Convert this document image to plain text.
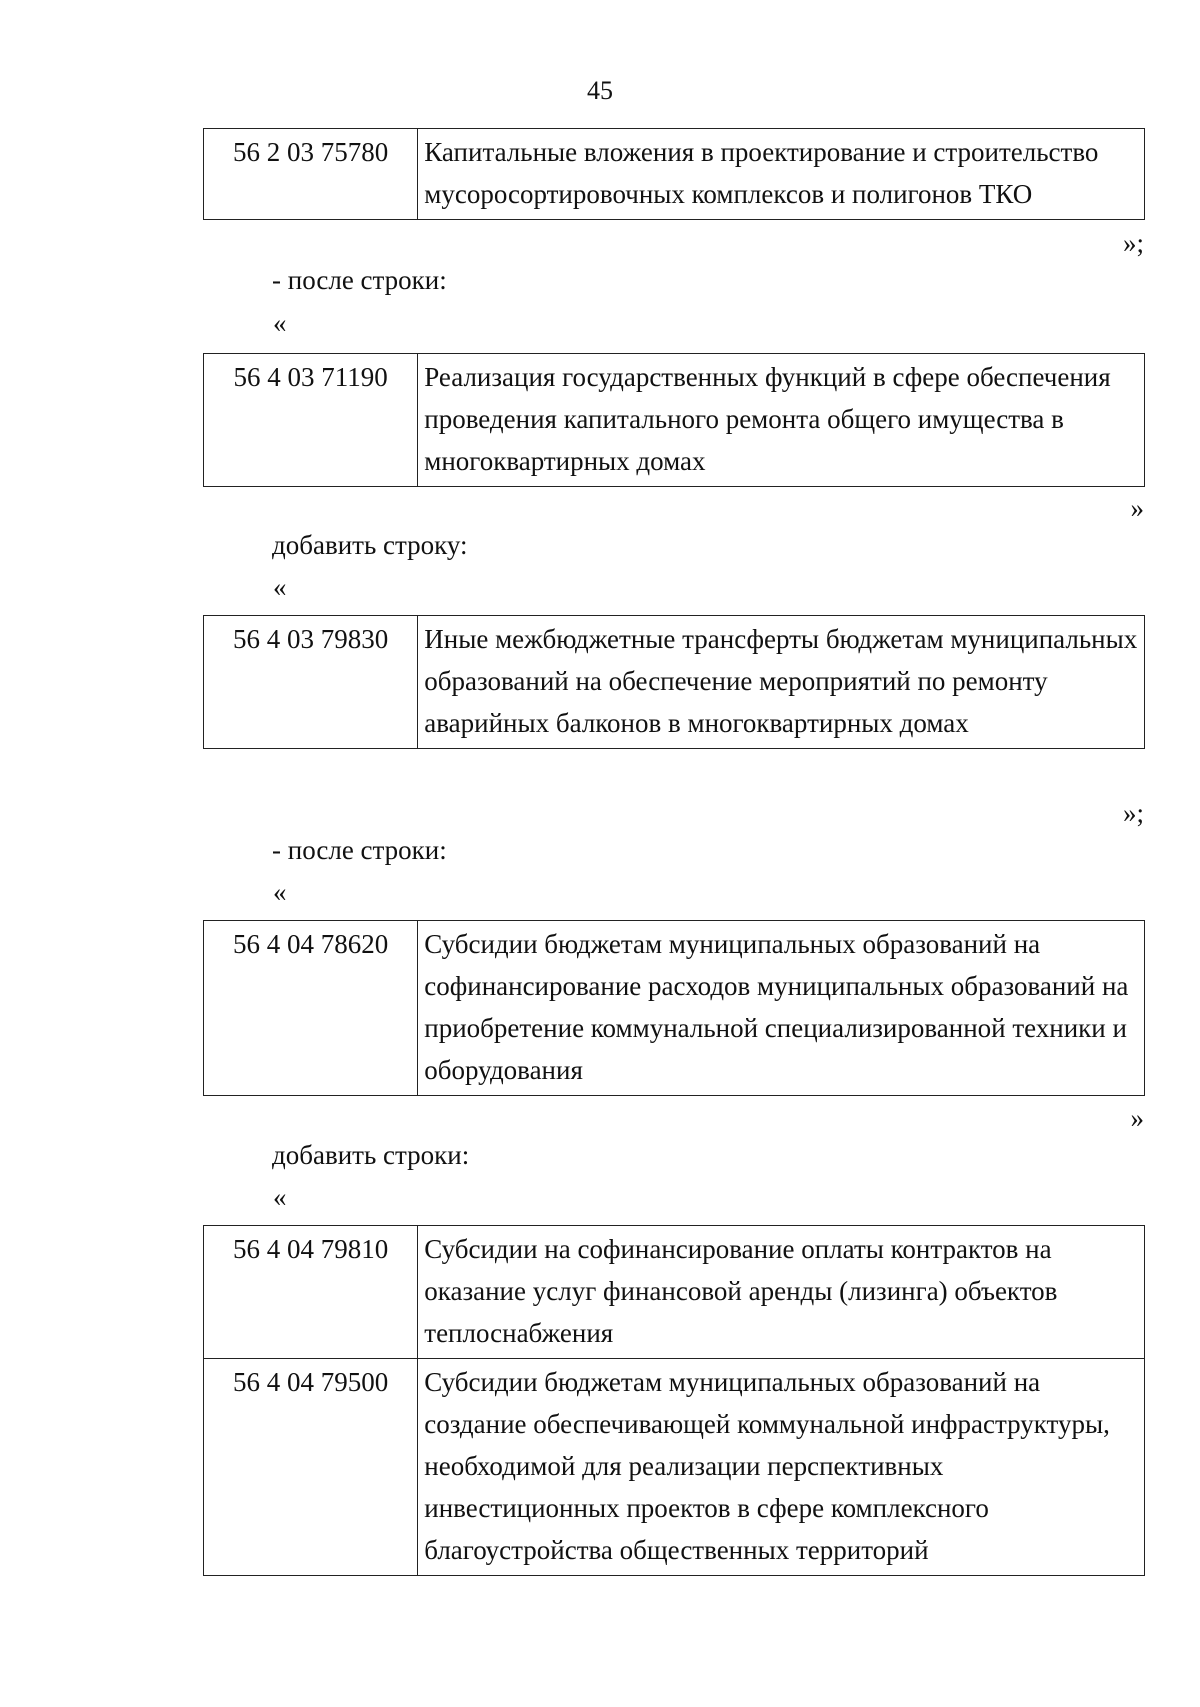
45
56 2 03 75780	Капитальные вложения в проектирование и строительство мусоросортировочных комплексов и полигонов ТКО
»;
- после строки:
«
56 4 03 71190	Реализация государственных функций в сфере обеспечения проведения капитального ремонта общего имущества в многоквартирных домах
»
добавить строку:
«
56 4 03 79830	Иные межбюджетные трансферты бюджетам муниципальных образований на обеспечение мероприятий по ремонту аварийных балконов в многоквартирных домах
»;
- после строки:
«
56 4 04 78620	Субсидии бюджетам муниципальных образований на софинансирование расходов муниципальных образований на приобретение коммунальной специализированной техники и оборудования
»
добавить строки:
«
56 4 04 79810	Субсидии на софинансирование оплаты контрактов на оказание услуг финансовой аренды (лизинга) объектов теплоснабжения
56 4 04 79500	Субсидии бюджетам муниципальных образований на создание обеспечивающей коммунальной инфраструктуры, необходимой для реализации перспективных инвестиционных проектов в сфере комплексного благоустройства общественных территорий
